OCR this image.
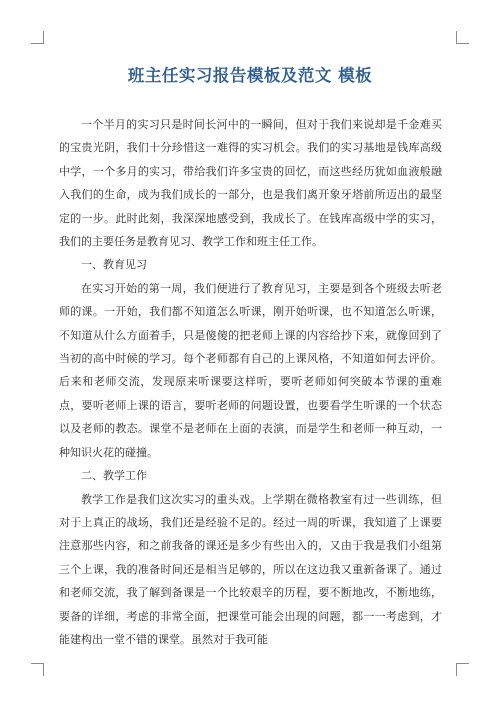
班主任实习报告模板及范文 模板

一个半月的实习只是时间长河中的一瞬间，但对于我们来说却是千金难买的宝贵光阴，我们十分珍惜这一难得的实习机会。我们的实习基地是钱库高级中学，一个多月的实习，带给我们许多宝贵的回忆，而这些经历犹如血液般融入我们的生命，成为我们成长的一部分，也是我们离开象牙塔前所迈出的最坚定的一步。此时此刻，我深深地感受到，我成长了。在钱库高级中学的实习，我们的主要任务是教育见习、教学工作和班主任工作。

一、教育见习

在实习开始的第一周，我们便进行了教育见习，主要是到各个班级去听老师的课。一开始，我们都不知道怎么听课，刚开始听课，也不知道怎么听课，不知道从什么方面着手，只是傻傻的把老师上课的内容给抄下来，就像回到了当初的高中时候的学习。每个老师都有自己的上课风格，不知道如何去评价。后来和老师交流，发现原来听课要这样听，要听老师如何突破本节课的重难点，要听老师上课的语言，要听老师的问题设置，也要看学生听课的一个状态以及老师的教态。课堂不是老师在上面的表演，而是学生和老师一种互动，一种知识火花的碰撞。

二、教学工作

教学工作是我们这次实习的重头戏。上学期在微格教室有过一些训练，但对于上真正的战场，我们还是经验不足的。经过一周的听课，我知道了上课要注意那些内容，和之前我备的课还是多少有些出入的，又由于我是我们小组第三个上课，我的准备时间还是相当足够的，所以在这边我又重新备课了。通过和老师交流，我了解到备课是一个比较艰辛的历程，要不断地改，不断地练，要备的详细，考虑的非常全面，把课堂可能会出现的问题，都一一考虑到，才能建构出一堂不错的课堂。虽然对于我可能
